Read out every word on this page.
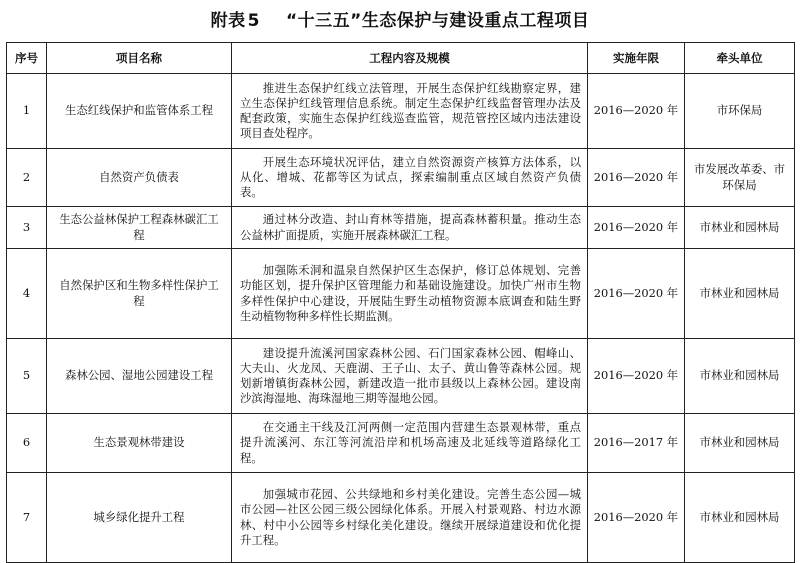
附表 5 “十三五”生态保护与建设重点工程项目
序号	项目名称	工程内容及规模	实施年限	牵头单位
1	生态红线保护和监管体系工程	推进生态保护红线立法管理，开展生态保护红线勘察定界，建立生态保护红线管理信息系统。制定生态保护红线监督管理办法及配套政策，实施生态保护红线巡查监管，规范管控区域内违法建设项目查处程序。	2016—2020 年	市环保局
2	自然资产负债表	开展生态环境状况评估，建立自然资源资产核算方法体系，以从化、增城、花都等区为试点，探索编制重点区域自然资产负债表。	2016—2020 年	市发展改革委、市环保局
3	生态公益林保护工程森林碳汇工程	通过林分改造、封山育林等措施，提高森林蓄积量。推动生态公益林扩面提质，实施开展森林碳汇工程。	2016—2020 年	市林业和园林局
4	自然保护区和生物多样性保护工程	加强陈禾洞和温泉自然保护区生态保护，修订总体规划、完善功能区划，提升保护区管理能力和基础设施建设。加快广州市生物多样性保护中心建设，开展陆生野生动植物资源本底调查和陆生野生动植物物种多样性长期监测。	2016—2020 年	市林业和园林局
5	森林公园、湿地公园建设工程	建设提升流溪河国家森林公园、石门国家森林公园、帽峰山、大夫山、火龙凤、天鹿湖、王子山、太子、黄山鲁等森林公园。规划新增镇街森林公园，新建改造一批市县级以上森林公园。建设南沙滨海湿地、海珠湿地三期等湿地公园。	2016—2020 年	市林业和园林局
6	生态景观林带建设	在交通主干线及江河两侧一定范围内营建生态景观林带，重点提升流溪河、东江等河流沿岸和机场高速及北延线等道路绿化工程。	2016—2017 年	市林业和园林局
7	城乡绿化提升工程	加强城市花园、公共绿地和乡村美化建设。完善生态公园—城市公园—社区公园三级公园绿化体系。开展入村景观路、村边水源林、村中小公园等乡村绿化美化建设。继续开展绿道建设和优化提升工程。	2016—2020 年	市林业和园林局
